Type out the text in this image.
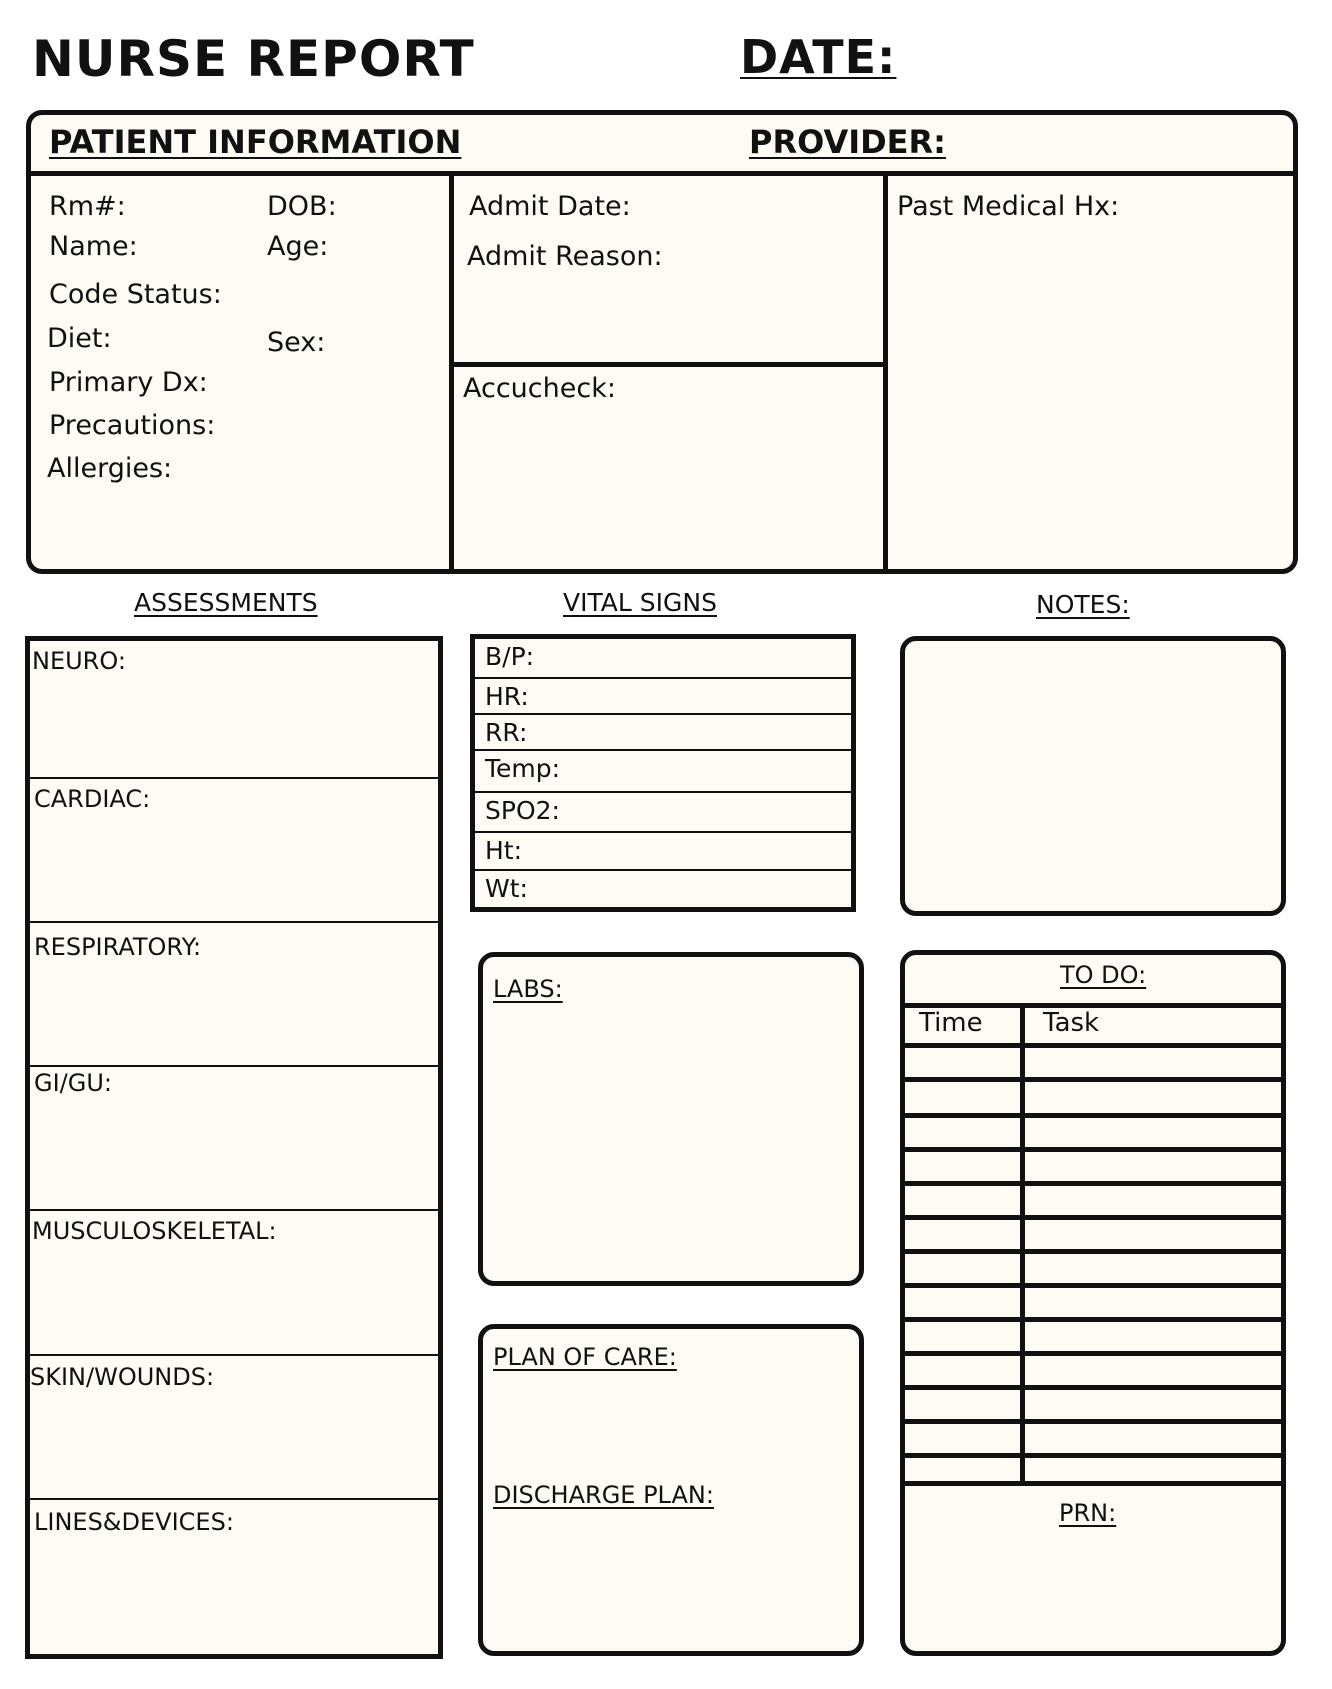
NURSE REPORT	DATE:
PATIENT INFORMATION	PROVIDER:
Rm#:	DOB:
Name:	Age:
Code Status:
Diet:	Sex:
Primary Dx:
Precautions:
Allergies:
Admit Date:
Admit Reason:
Accucheck:
Past Medical Hx:
ASSESSMENTS	VITAL SIGNS	NOTES:
NEURO:
CARDIAC:
RESPIRATORY:
GI/GU:
MUSCULOSKELETAL:
SKIN/WOUNDS:
LINES&DEVICES:
B/P:
HR:
RR:
Temp:
SPO2:
Ht:
Wt:
LABS:
PLAN OF CARE:
DISCHARGE PLAN:
TO DO:
Time Task
PRN:
